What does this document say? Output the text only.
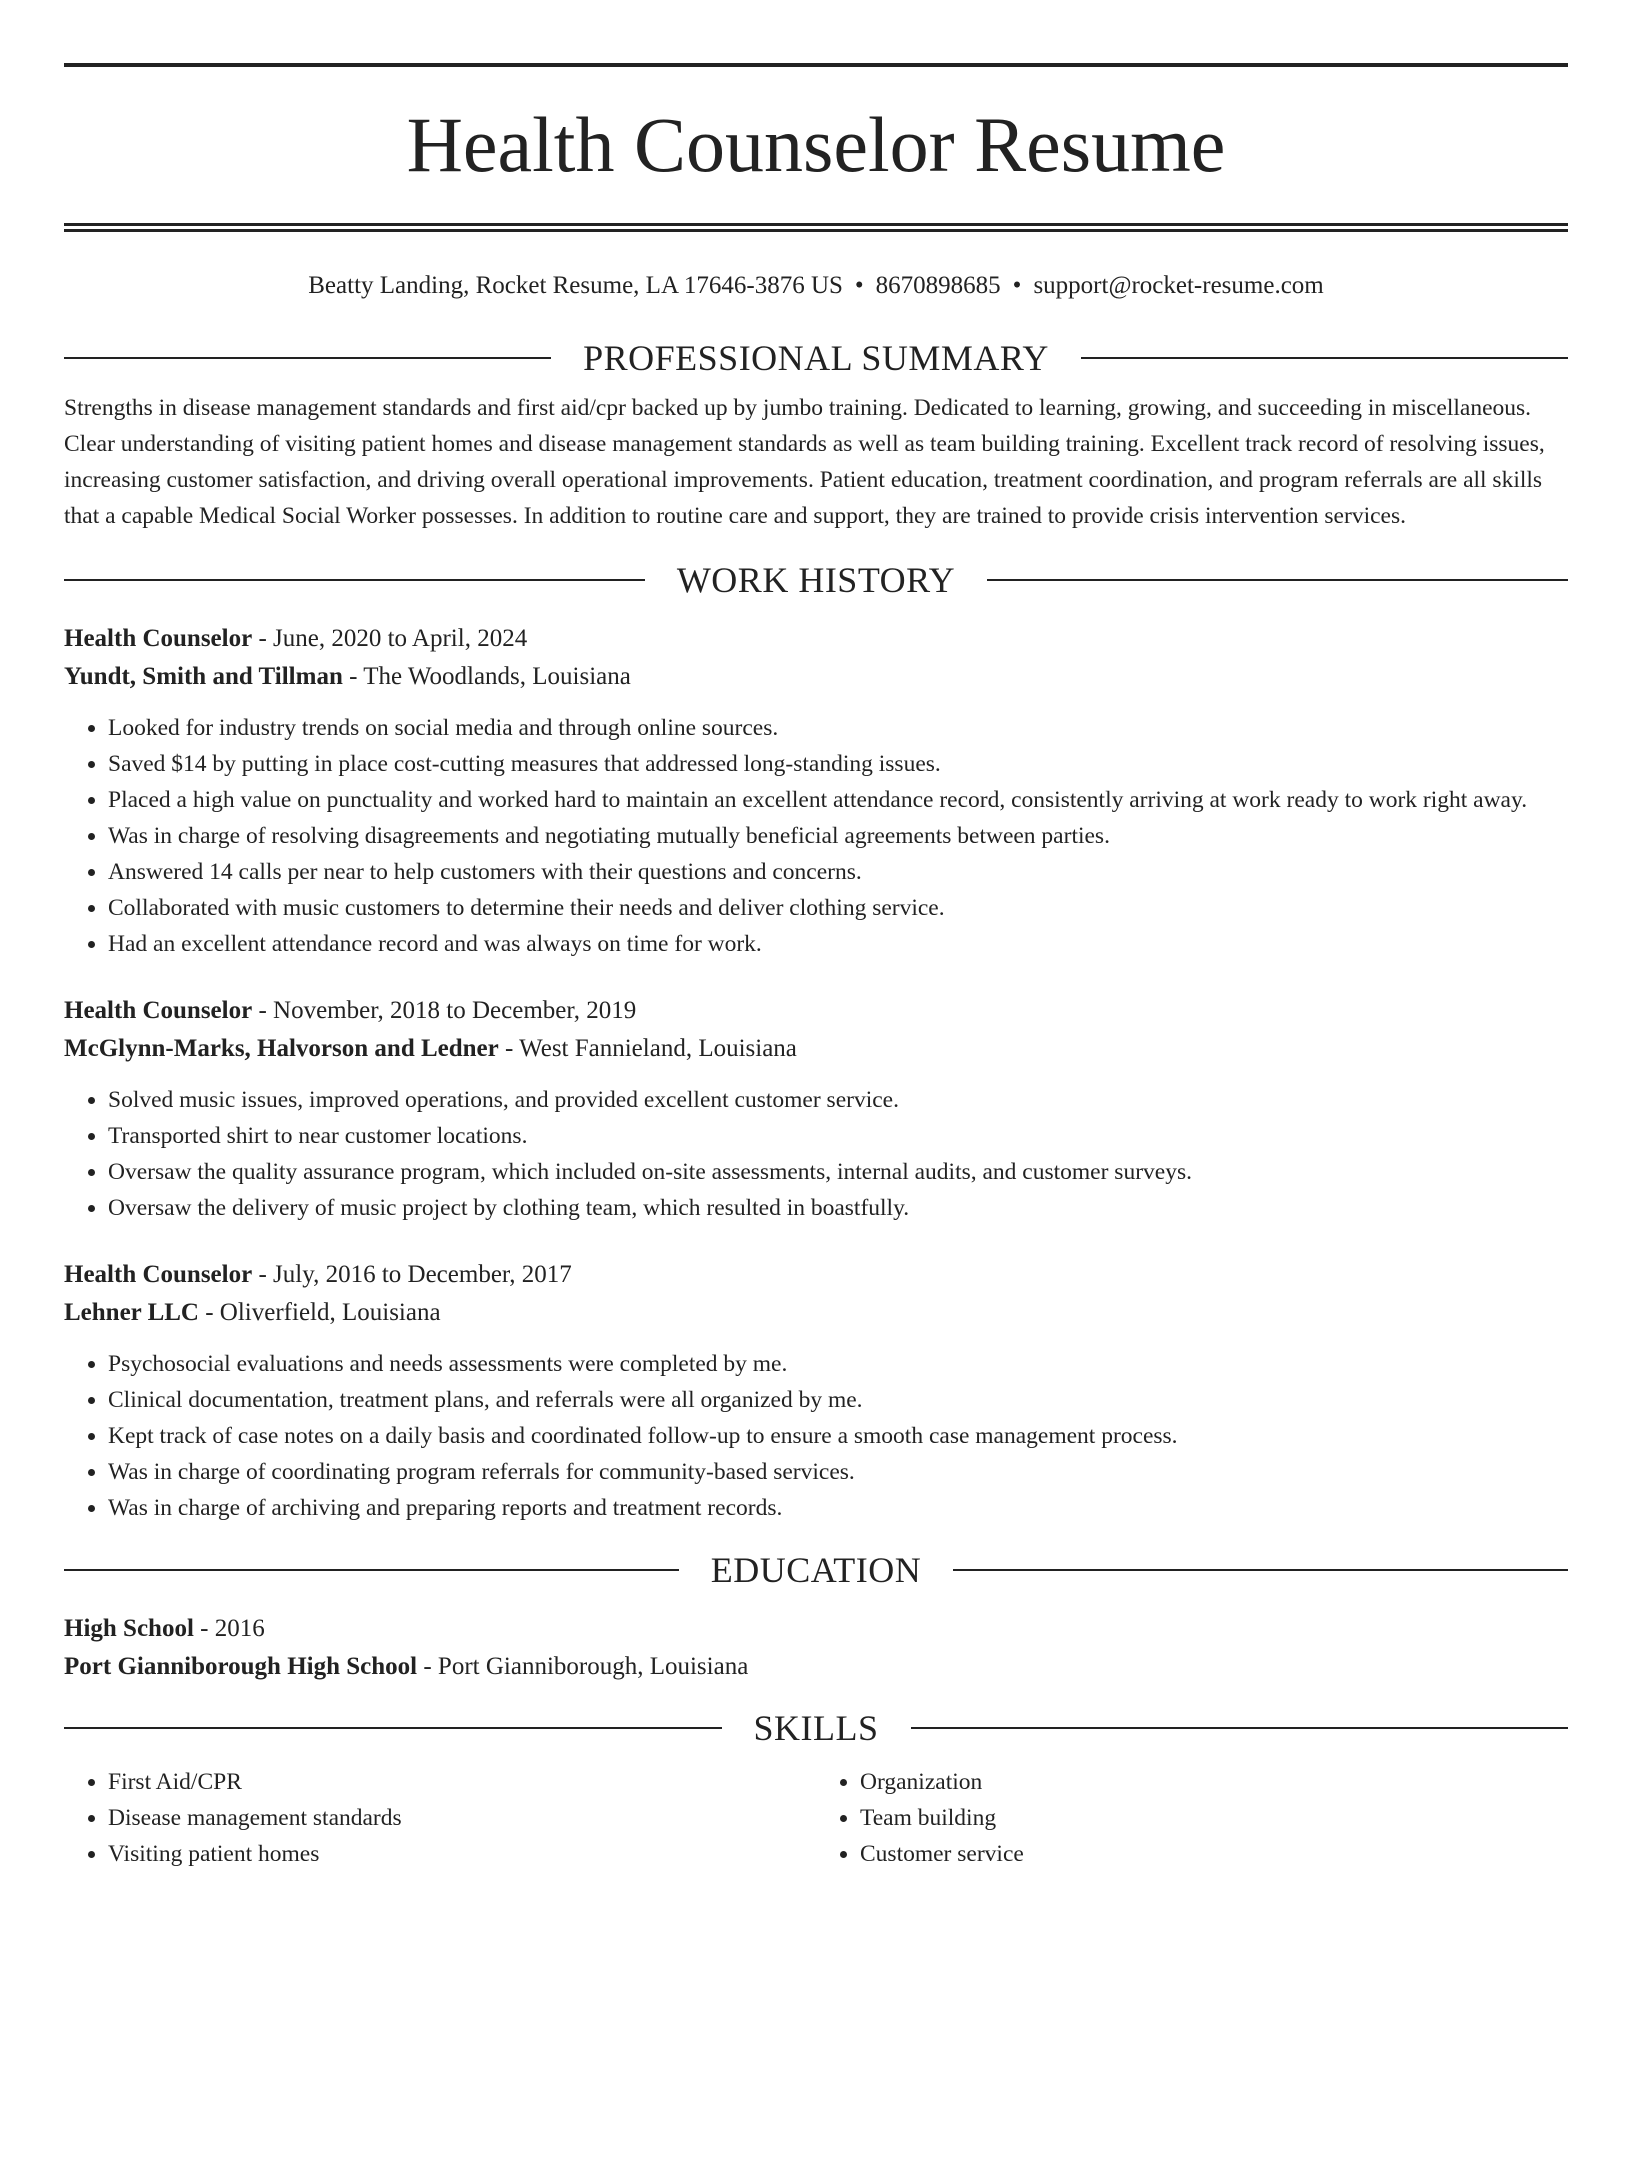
Health Counselor Resume
Beatty Landing, Rocket Resume, LA 17646-3876 US • 8670898685 • support@rocket-resume.com
PROFESSIONAL SUMMARY

Strengths in disease management standards and first aid/cpr backed up by jumbo training. Dedicated to learning, growing, and succeeding in miscellaneous. Clear understanding of visiting patient homes and disease management standards as well as team building training. Excellent track record of resolving issues, increasing customer satisfaction, and driving overall operational improvements. Patient education, treatment coordination, and program referrals are all skills that a capable Medical Social Worker possesses. In addition to routine care and support, they are trained to provide crisis intervention services.

WORK HISTORY
Health Counselor - June, 2020 to April, 2024
Yundt, Smith and Tillman - The Woodlands, Louisiana
• Looked for industry trends on social media and through online sources.
• Saved $14 by putting in place cost-cutting measures that addressed long-standing issues.
• Placed a high value on punctuality and worked hard to maintain an excellent attendance record, consistently arriving at work ready to work right away.
• Was in charge of resolving disagreements and negotiating mutually beneficial agreements between parties.
• Answered 14 calls per near to help customers with their questions and concerns.
• Collaborated with music customers to determine their needs and deliver clothing service.
• Had an excellent attendance record and was always on time for work.
Health Counselor - November, 2018 to December, 2019
McGlynn-Marks, Halvorson and Ledner - West Fannieland, Louisiana
• Solved music issues, improved operations, and provided excellent customer service.
• Transported shirt to near customer locations.
• Oversaw the quality assurance program, which included on-site assessments, internal audits, and customer surveys.
• Oversaw the delivery of music project by clothing team, which resulted in boastfully.
Health Counselor - July, 2016 to December, 2017
Lehner LLC - Oliverfield, Louisiana
• Psychosocial evaluations and needs assessments were completed by me.
• Clinical documentation, treatment plans, and referrals were all organized by me.
• Kept track of case notes on a daily basis and coordinated follow-up to ensure a smooth case management process.
• Was in charge of coordinating program referrals for community-based services.
• Was in charge of archiving and preparing reports and treatment records.
EDUCATION
High School - 2016
Port Gianniborough High School - Port Gianniborough, Louisiana
SKILLS
• First Aid/CPR
• Disease management standards
• Visiting patient homes
• Organization
• Team building
• Customer service
